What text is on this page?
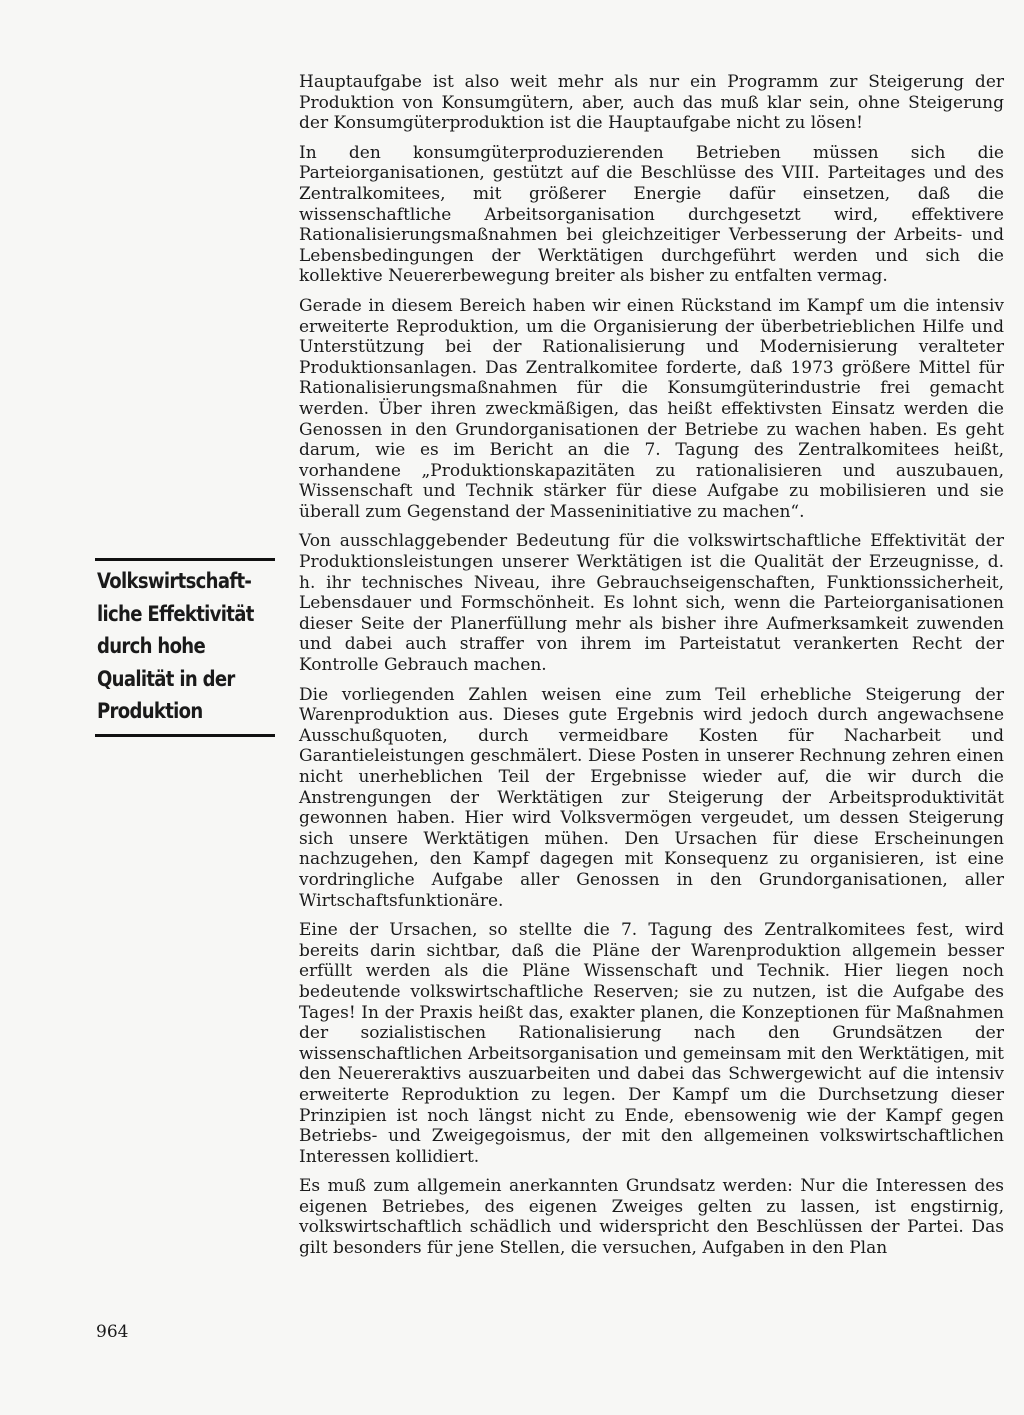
Hauptaufgabe ist also weit mehr als nur ein Programm zur Steigerung der Produktion von Konsumgütern, aber, auch das muß klar sein, ohne Steigerung der Konsumgüterproduktion ist die Hauptaufgabe nicht zu lösen!

In den konsumgüterproduzierenden Betrieben müssen sich die Parteiorganisationen, gestützt auf die Beschlüsse des VIII. Parteitages und des Zentralkomitees, mit größerer Energie dafür einsetzen, daß die wissenschaftliche Arbeitsorganisation durchgesetzt wird, effektivere Rationalisierungsmaßnahmen bei gleichzeitiger Verbesserung der Arbeits- und Lebensbedingungen der Werktätigen durchgeführt werden und sich die kollektive Neuererbewegung breiter als bisher zu entfalten vermag.

Gerade in diesem Bereich haben wir einen Rückstand im Kampf um die intensiv erweiterte Reproduktion, um die Organisierung der überbetrieblichen Hilfe und Unterstützung bei der Rationalisierung und Modernisierung veralteter Produktionsanlagen. Das Zentralkomitee forderte, daß 1973 größere Mittel für Rationalisierungsmaßnahmen für die Konsumgüterindustrie frei gemacht werden. Über ihren zweckmäßigen, das heißt effektivsten Einsatz werden die Genossen in den Grundorganisationen der Betriebe zu wachen haben. Es geht darum, wie es im Bericht an die 7. Tagung des Zentralkomitees heißt, vorhandene „Produktionskapazitäten zu rationalisieren und auszubauen, Wissenschaft und Technik stärker für diese Aufgabe zu mobilisieren und sie überall zum Gegenstand der Masseninitiative zu machen“.

Von ausschlaggebender Bedeutung für die volkswirtschaftliche Effektivität der Produktionsleistungen unserer Werktätigen ist die Qualität der Erzeugnisse, d. h. ihr technisches Niveau, ihre Gebrauchseigenschaften, Funktionssicherheit, Lebensdauer und Formschönheit. Es lohnt sich, wenn die Parteiorganisationen dieser Seite der Planerfüllung mehr als bisher ihre Aufmerksamkeit zuwenden und dabei auch straffer von ihrem im Parteistatut verankerten Recht der Kontrolle Gebrauch machen.

Die vorliegenden Zahlen weisen eine zum Teil erhebliche Steigerung der Warenproduktion aus. Dieses gute Ergebnis wird jedoch durch angewachsene Ausschußquoten, durch vermeidbare Kosten für Nacharbeit und Garantieleistungen geschmälert. Diese Posten in unserer Rechnung zehren einen nicht unerheblichen Teil der Ergebnisse wieder auf, die wir durch die Anstrengungen der Werktätigen zur Steigerung der Arbeitsproduktivität gewonnen haben. Hier wird Volksvermögen vergeudet, um dessen Steigerung sich unsere Werktätigen mühen. Den Ursachen für diese Erscheinungen nachzugehen, den Kampf dagegen mit Konsequenz zu organisieren, ist eine vordringliche Aufgabe aller Genossen in den Grundorganisationen, aller Wirtschaftsfunktionäre.

Eine der Ursachen, so stellte die 7. Tagung des Zentralkomitees fest, wird bereits darin sichtbar, daß die Pläne der Warenproduktion allgemein besser erfüllt werden als die Pläne Wissenschaft und Technik. Hier liegen noch bedeutende volkswirtschaftliche Reserven; sie zu nutzen, ist die Aufgabe des Tages! In der Praxis heißt das, exakter planen, die Konzeptionen für Maßnahmen der sozialistischen Rationalisierung nach den Grundsätzen der wissenschaftlichen Arbeitsorganisation und gemeinsam mit den Werktätigen, mit den Neuereraktivs auszuarbeiten und dabei das Schwergewicht auf die intensiv erweiterte Reproduktion zu legen. Der Kampf um die Durchsetzung dieser Prinzipien ist noch längst nicht zu Ende, ebensowenig wie der Kampf gegen Betriebs- und Zweigegoismus, der mit den allgemeinen volkswirtschaftlichen Interessen kollidiert.

Es muß zum allgemein anerkannten Grundsatz werden: Nur die Interessen des eigenen Betriebes, des eigenen Zweiges gelten zu lassen, ist engstirnig, volkswirtschaftlich schädlich und widerspricht den Beschlüssen der Partei. Das gilt besonders für jene Stellen, die versuchen, Aufgaben in den Plan

Volkswirtschaft-
liche Effektivität
durch hohe
Qualität in der
Produktion
964
